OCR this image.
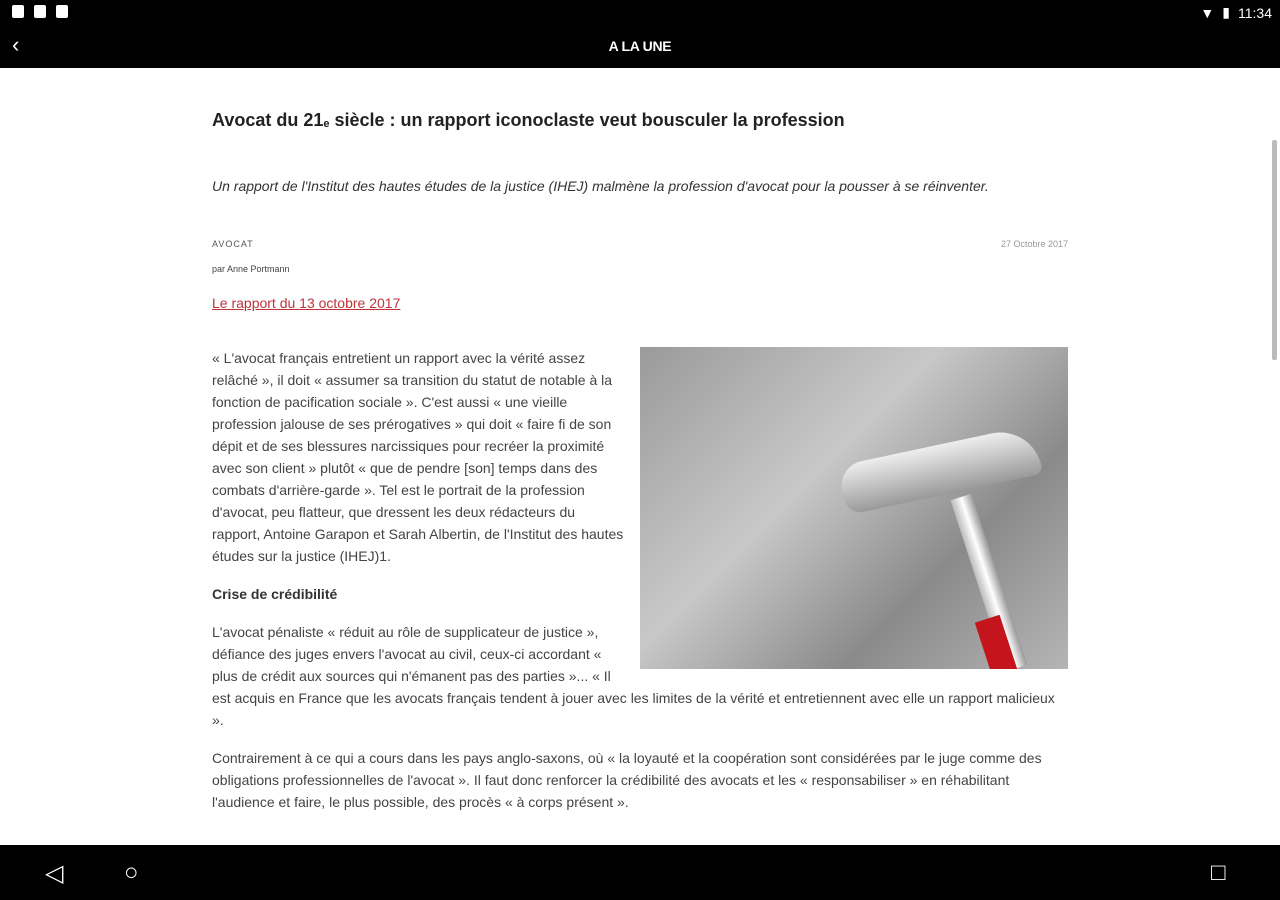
▼ ▮ 11:34
‹	A LA UNE
Avocat du $21_e$ siècle : un rapport iconoclaste veut bousculer la profession
Un rapport de l'Institut des hautes études de la justice (IHEJ) malmène la profession d'avocat pour la pousser à se réinventer.
AVOCAT	27 Octobre 2017
par Anne Portmann
Le rapport du 13 octobre 2017

« L'avocat français entretient un rapport avec la vérité assez relâché », il doit « assumer sa transition du statut de notable à la fonction de pacification sociale ». C'est aussi « une vieille profession jalouse de ses prérogatives » qui doit « faire fi de son dépit et de ses blessures narcissiques pour recréer la proximité avec son client » plutôt « que de pendre [son] temps dans des combats d'arrière-garde ». Tel est le portrait de la profession d'avocat, peu flatteur, que dressent les deux rédacteurs du rapport, Antoine Garapon et Sarah Albertin, de l'Institut des hautes études sur la justice (IHEJ)1.

Crise de crédibilité

L'avocat pénaliste « réduit au rôle de supplicateur de justice », défiance des juges envers l'avocat au civil, ceux-ci accordant « plus de crédit aux sources qui n'émanent pas des parties »... « Il est acquis en France que les avocats français tendent à jouer avec les limites de la vérité et entretiennent avec elle un rapport malicieux ».

Contrairement à ce qui a cours dans les pays anglo-saxons, où « la loyauté et la coopération sont considérées par le juge comme des obligations professionnelles de l'avocat ». Il faut donc renforcer la crédibilité des avocats et les « responsabiliser » en réhabilitant l'audience et faire, le plus possible, des procès « à corps présent ».

◁	○	□
